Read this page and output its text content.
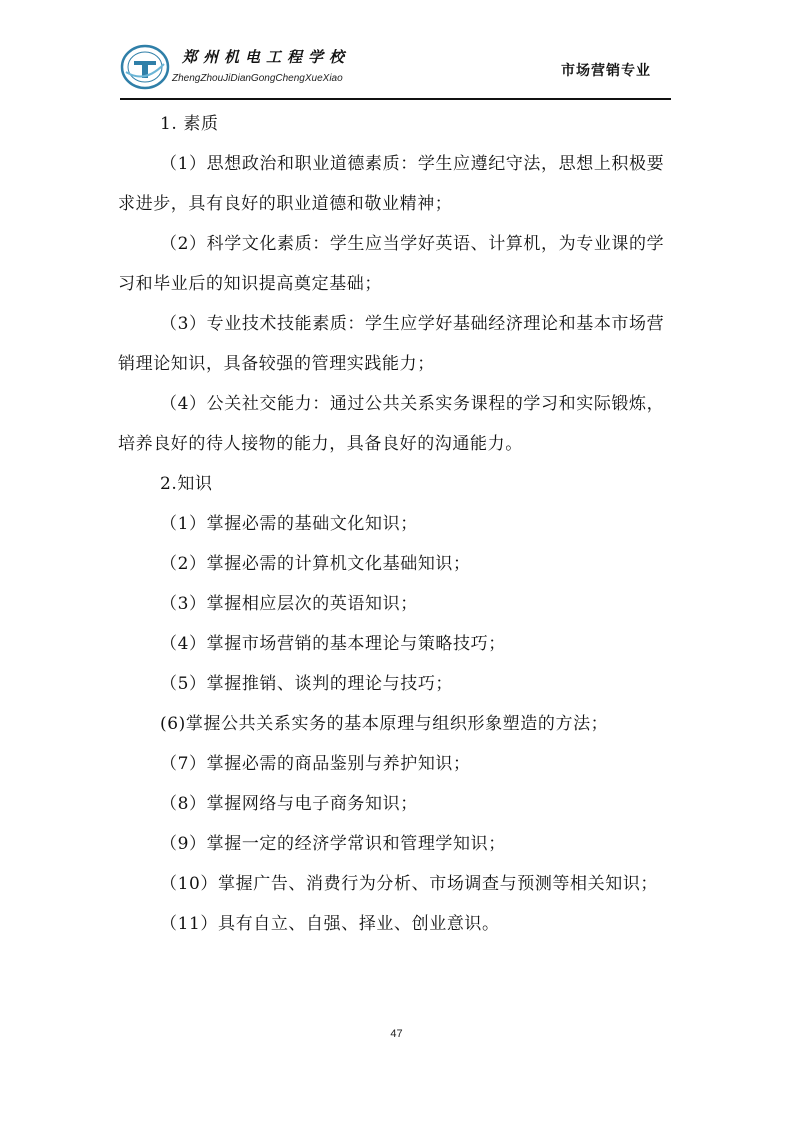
郑州机电工程学校
ZhengZhouJiDianGongChengXueXiao	市场营销专业

1. 素质

（1）思想政治和职业道德素质：学生应遵纪守法，思想上积极要求进步，具有良好的职业道德和敬业精神；

（2）科学文化素质：学生应当学好英语、计算机，为专业课的学习和毕业后的知识提高奠定基础；

（3）专业技术技能素质：学生应学好基础经济理论和基本市场营销理论知识，具备较强的管理实践能力；

（4）公关社交能力：通过公共关系实务课程的学习和实际锻炼，培养良好的待人接物的能力，具备良好的沟通能力。

2.知识

（1）掌握必需的基础文化知识；

（2）掌握必需的计算机文化基础知识；

（3）掌握相应层次的英语知识；

（4）掌握市场营销的基本理论与策略技巧；

（5）掌握推销、谈判的理论与技巧；

(6)掌握公共关系实务的基本原理与组织形象塑造的方法；

（7）掌握必需的商品鉴别与养护知识；

（8）掌握网络与电子商务知识；

（9）掌握一定的经济学常识和管理学知识；

（10）掌握广告、消费行为分析、市场调查与预测等相关知识；

（11）具有自立、自强、择业、创业意识。

47
